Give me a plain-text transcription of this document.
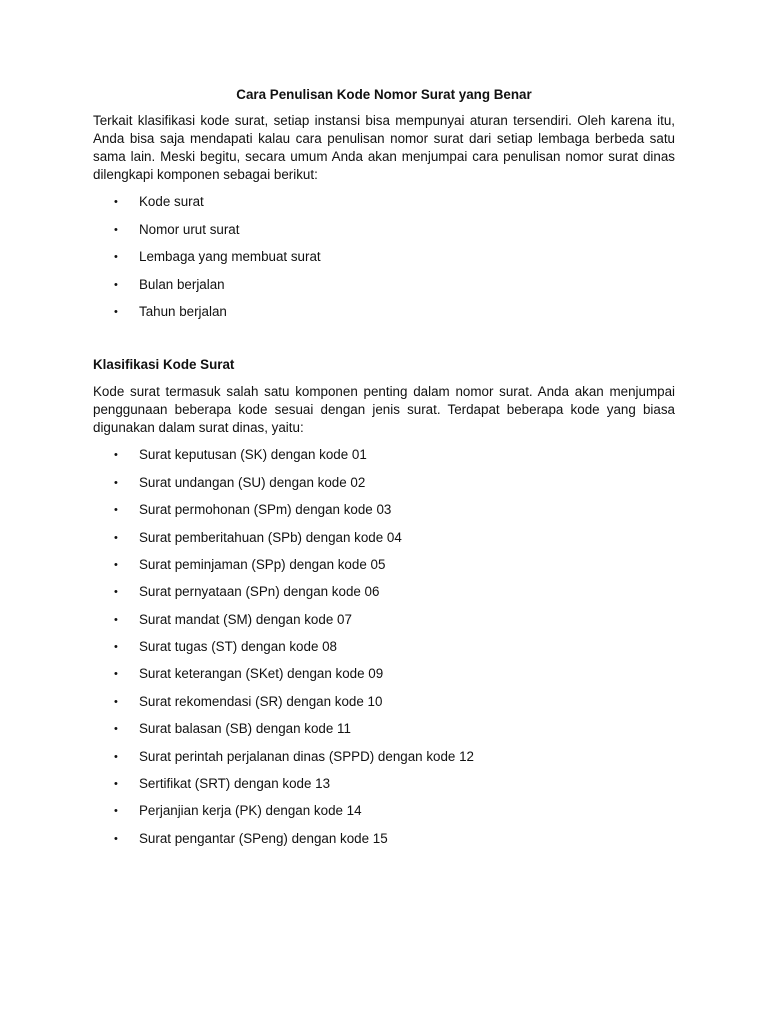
Cara Penulisan Kode Nomor Surat yang Benar

Terkait klasifikasi kode surat, setiap instansi bisa mempunyai aturan tersendiri. Oleh karena itu, Anda bisa saja mendapati kalau cara penulisan nomor surat dari setiap lembaga berbeda satu sama lain. Meski begitu, secara umum Anda akan menjumpai cara penulisan nomor surat dinas dilengkapi komponen sebagai berikut:

• Kode surat
• Nomor urut surat
• Lembaga yang membuat surat
• Bulan berjalan
• Tahun berjalan

Klasifikasi Kode Surat

Kode surat termasuk salah satu komponen penting dalam nomor surat. Anda akan menjumpai penggunaan beberapa kode sesuai dengan jenis surat. Terdapat beberapa kode yang biasa digunakan dalam surat dinas, yaitu:

• Surat keputusan (SK) dengan kode 01
• Surat undangan (SU) dengan kode 02
• Surat permohonan (SPm) dengan kode 03
• Surat pemberitahuan (SPb) dengan kode 04
• Surat peminjaman (SPp) dengan kode 05
• Surat pernyataan (SPn) dengan kode 06
• Surat mandat (SM) dengan kode 07
• Surat tugas (ST) dengan kode 08
• Surat keterangan (SKet) dengan kode 09
• Surat rekomendasi (SR) dengan kode 10
• Surat balasan (SB) dengan kode 11
• Surat perintah perjalanan dinas (SPPD) dengan kode 12
• Sertifikat (SRT) dengan kode 13
• Perjanjian kerja (PK) dengan kode 14
• Surat pengantar (SPeng) dengan kode 15
